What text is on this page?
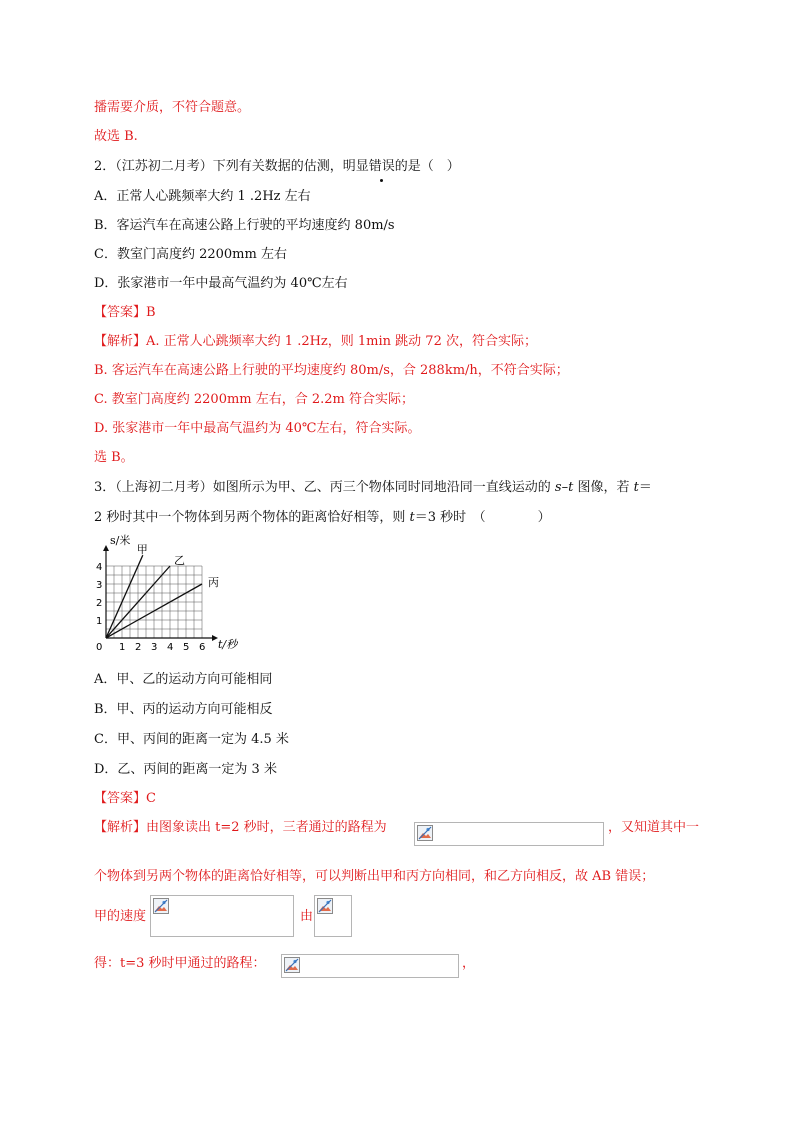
播需要介质，不符合题意。
故选 B.
2．（江苏初二月考）下列有关数据的估测，明显错误的是（　）
A．正常人心跳频率大约 1 .2Hz 左右
B．客运汽车在高速公路上行驶的平均速度约 80m/s
C．教室门高度约 2200mm 左右
D．张家港市一年中最高气温约为 40℃左右
【答案】B
【解析】A. 正常人心跳频率大约 1 .2Hz，则 1min 跳动 72 次，符合实际；
B. 客运汽车在高速公路上行驶的平均速度约 80m/s，合 288km/h，不符合实际；
C. 教室门高度约 2200mm 左右，合 2.2m 符合实际；
D. 张家港市一年中最高气温约为 40℃左右，符合实际。
选 B。
3．（上海初二月考）如图所示为甲、乙、丙三个物体同时同地沿同一直线运动的 s–t 图像，若 t＝
2 秒时其中一个物体到另两个物体的距离恰好相等，则 t＝3 秒时　（　　　　）
0 1 2 3 4 5 6
1
2
3
4
甲
乙
丙
s/米
t/秒
A．甲、乙的运动方向可能相同
B．甲、丙的运动方向可能相反
C．甲、丙间的距离一定为 4.5 米
D．乙、丙间的距离一定为 3 米
【答案】C
【解析】由图象读出 t=2 秒时，三者通过的路程为	，又知道其中一
个物体到另两个物体的距离恰好相等，可以判断出甲和丙方向相同，和乙方向相反，故 AB 错误；
甲的速度	由
得：t=3 秒时甲通过的路程：	，
